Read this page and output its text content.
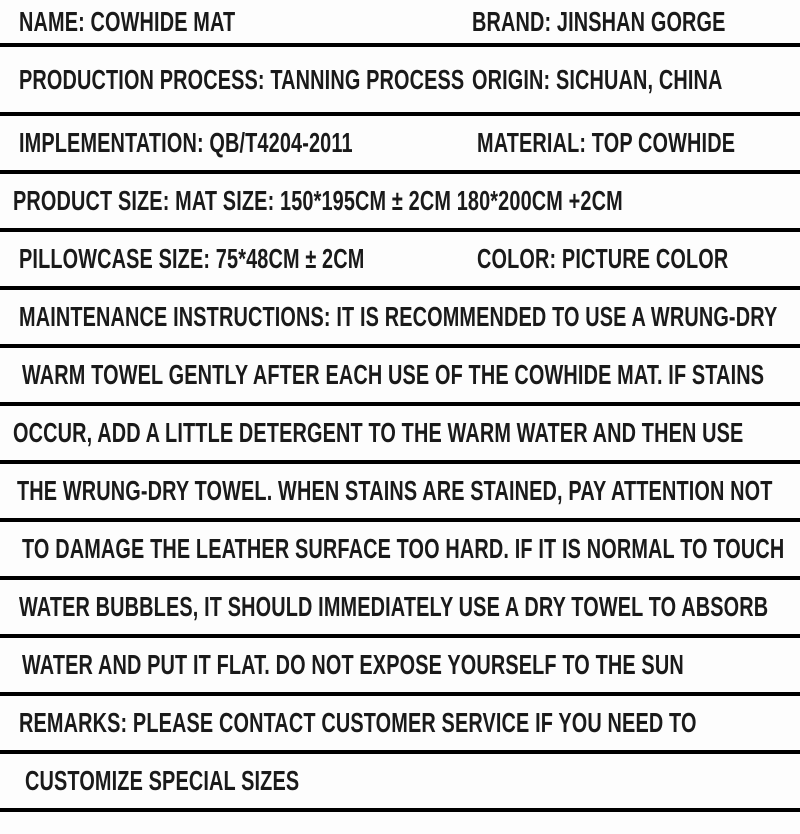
NAME: COWHIDE MAT	BRAND: JINSHAN GORGE
PRODUCTION PROCESS: TANNING PROCESS ORIGIN: SICHUAN, CHINA
IMPLEMENTATION: QB/T4204-2011	MATERIAL: TOP COWHIDE
PRODUCT SIZE: MAT SIZE: 150*195CM ± 2CM 180*200CM +2CM
PILLOWCASE SIZE: 75*48CM ± 2CM	COLOR: PICTURE COLOR
MAINTENANCE INSTRUCTIONS: IT IS RECOMMENDED TO USE A WRUNG-DRY
WARM TOWEL GENTLY AFTER EACH USE OF THE COWHIDE MAT. IF STAINS
OCCUR, ADD A LITTLE DETERGENT TO THE WARM WATER AND THEN USE
THE WRUNG-DRY TOWEL. WHEN STAINS ARE STAINED, PAY ATTENTION NOT
TO DAMAGE THE LEATHER SURFACE TOO HARD. IF IT IS NORMAL TO TOUCH
WATER BUBBLES, IT SHOULD IMMEDIATELY USE A DRY TOWEL TO ABSORB
WATER AND PUT IT FLAT. DO NOT EXPOSE YOURSELF TO THE SUN
REMARKS: PLEASE CONTACT CUSTOMER SERVICE IF YOU NEED TO
CUSTOMIZE SPECIAL SIZES
